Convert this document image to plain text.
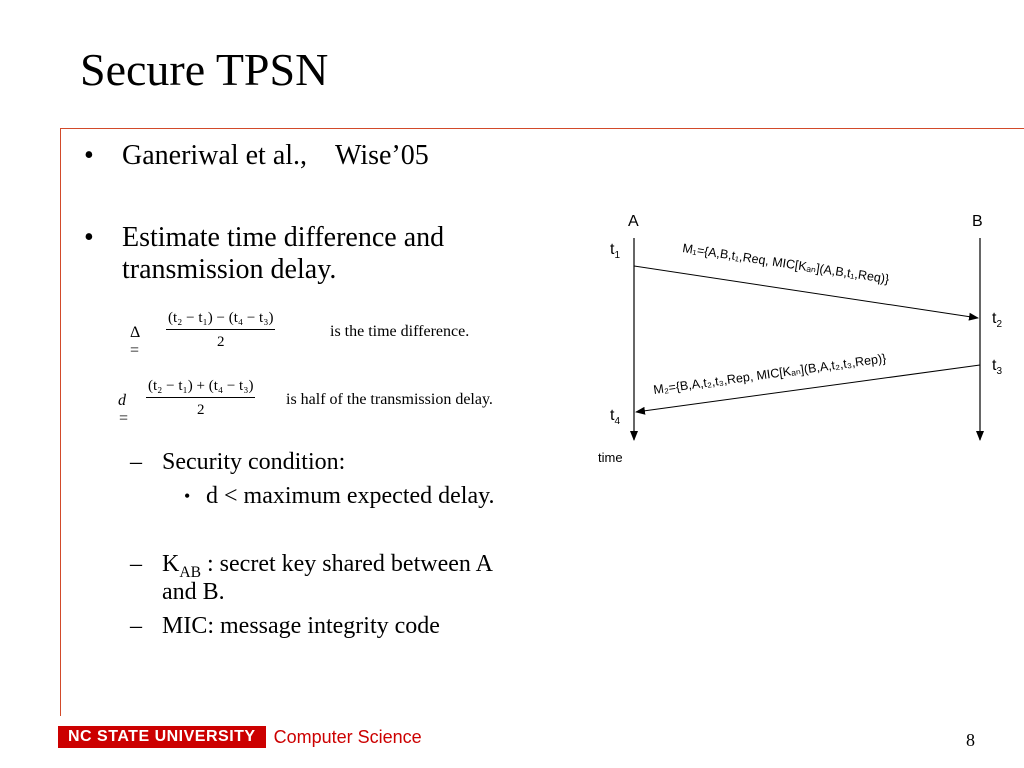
Secure TPSN
• Ganeriwal et al.,  Wise’05
• Estimate time difference and
transmission delay.
$\Delta = \frac{\text{(t₂ − t₁) − (t₄ − t₃)}}{2}$	is the time difference.
$d = \frac{\text{(t₂ − t₁) + (t₄ − t₃)}}{2}$ is half of the transmission delay.
– Security condition:
• d < maximum expected delay.
– $K_{AB}$ : secret key shared between A
and B.
– MIC: message integrity code
A	B
$t_1$
$t_2$
$t_3$
$t_4$
time
M₁={A,B,t₁,Req, MIC[Kₐₙ](A,B,t₁,Req)}
M₂={B,A,t₂,t₃,Rep, MIC[Kₐₙ](B,A,t₂,t₃,Rep)}
NC STATE UNIVERSITY	Computer Science	8
